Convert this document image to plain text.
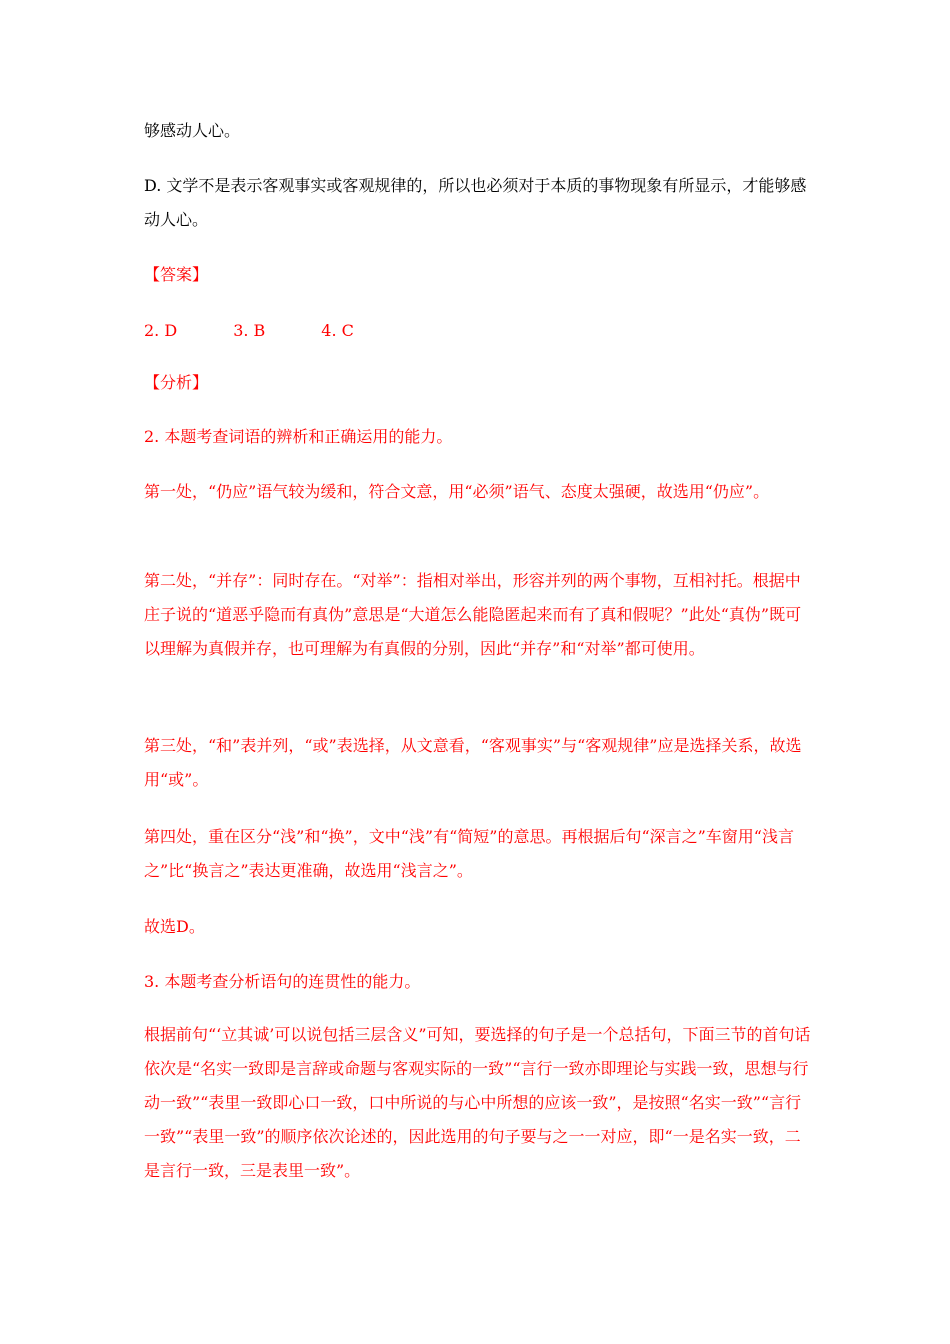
够感动人心。

D. 文学不是表示客观事实或客观规律的，所以也必须对于本质的事物现象有所显示，才能够感动人心。

【答案】

2. D	3. B	4. C

【分析】

2. 本题考查词语的辨析和正确运用的能力。

第一处，“仍应”语气较为缓和，符合文意，用“必须”语气、态度太强硬，故选用“仍应”。

第二处，“并存”：同时存在。“对举”：指相对举出，形容并列的两个事物，互相衬托。根据中庄子说的“道恶乎隐而有真伪”意思是“大道怎么能隐匿起来而有了真和假呢？”此处“真伪”既可以理解为真假并存，也可理解为有真假的分别，因此“并存”和“对举”都可使用。

第三处，“和”表并列，“或”表选择，从文意看，“客观事实”与“客观规律”应是选择关系，故选用“或”。

第四处，重在区分“浅”和“换”，文中“浅”有“简短”的意思。再根据后句“深言之”车窗用“浅言之”比“换言之”表达更准确，故选用“浅言之”。

故选D。

3. 本题考查分析语句的连贯性的能力。

根据前句“‘立其诚’可以说包括三层含义”可知，要选择的句子是一个总括句，下面三节的首句话依次是“名实一致即是言辞或命题与客观实际的一致”“言行一致亦即理论与实践一致，思想与行动一致”“表里一致即心口一致，口中所说的与心中所想的应该一致”，是按照“名实一致”“言行一致”“表里一致”的顺序依次论述的，因此选用的句子要与之一一对应，即“一是名实一致，二是言行一致，三是表里一致”。
